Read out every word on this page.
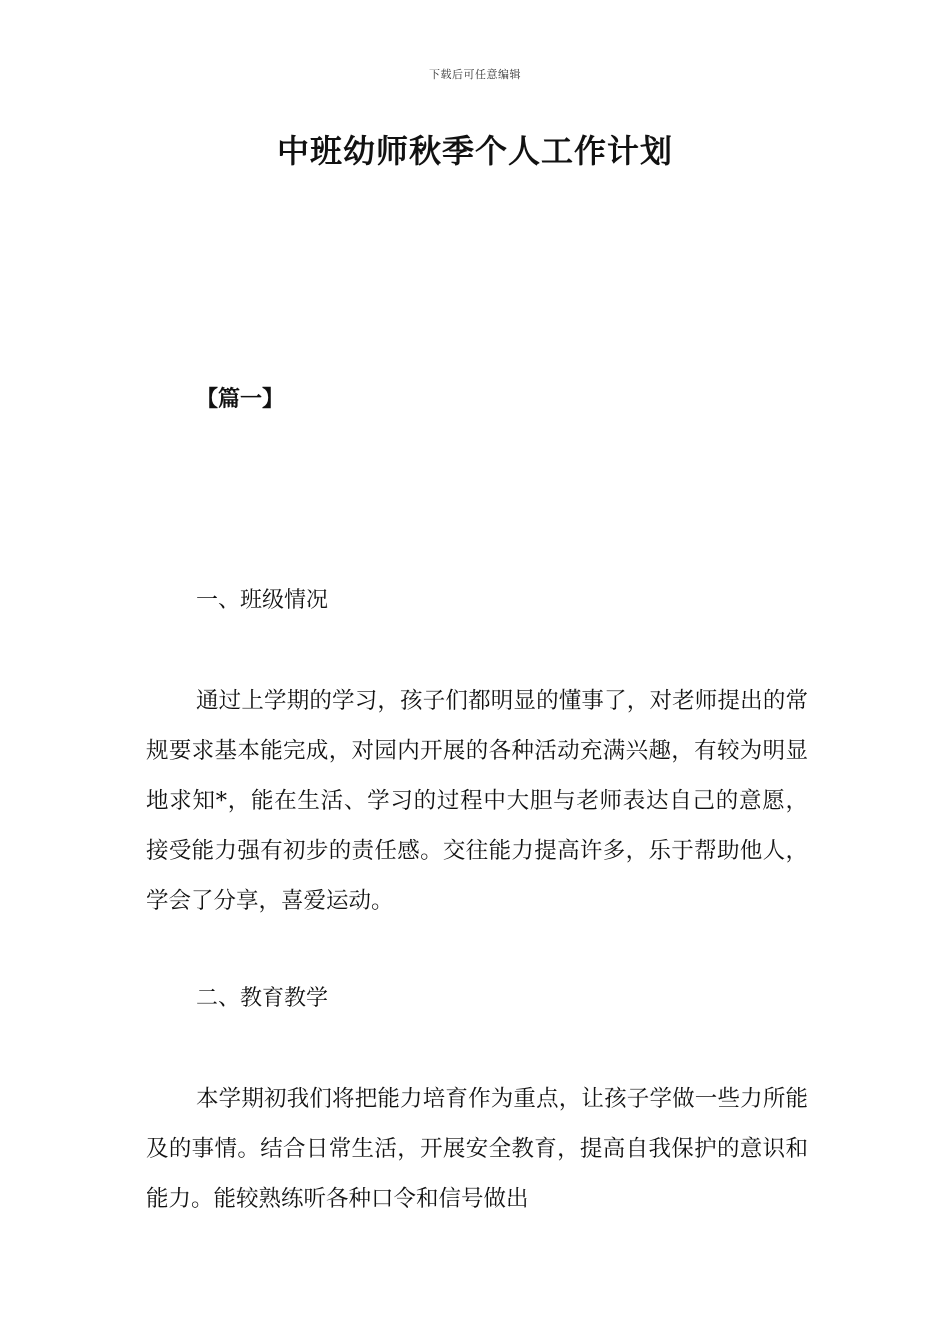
下载后可任意编辑
中班幼师秋季个人工作计划
【篇一】
一、班级情况

通过上学期的学习，孩子们都明显的懂事了，对老师提出的常规要求基本能完成，对园内开展的各种活动充满兴趣，有较为明显地求知*，能在生活、学习的过程中大胆与老师表达自己的意愿，接受能力强有初步的责任感。交往能力提高许多，乐于帮助他人，学会了分享，喜爱运动。

二、教育教学

本学期初我们将把能力培育作为重点，让孩子学做一些力所能及的事情。结合日常生活，开展安全教育，提高自我保护的意识和能力。能较熟练听各种口令和信号做出
